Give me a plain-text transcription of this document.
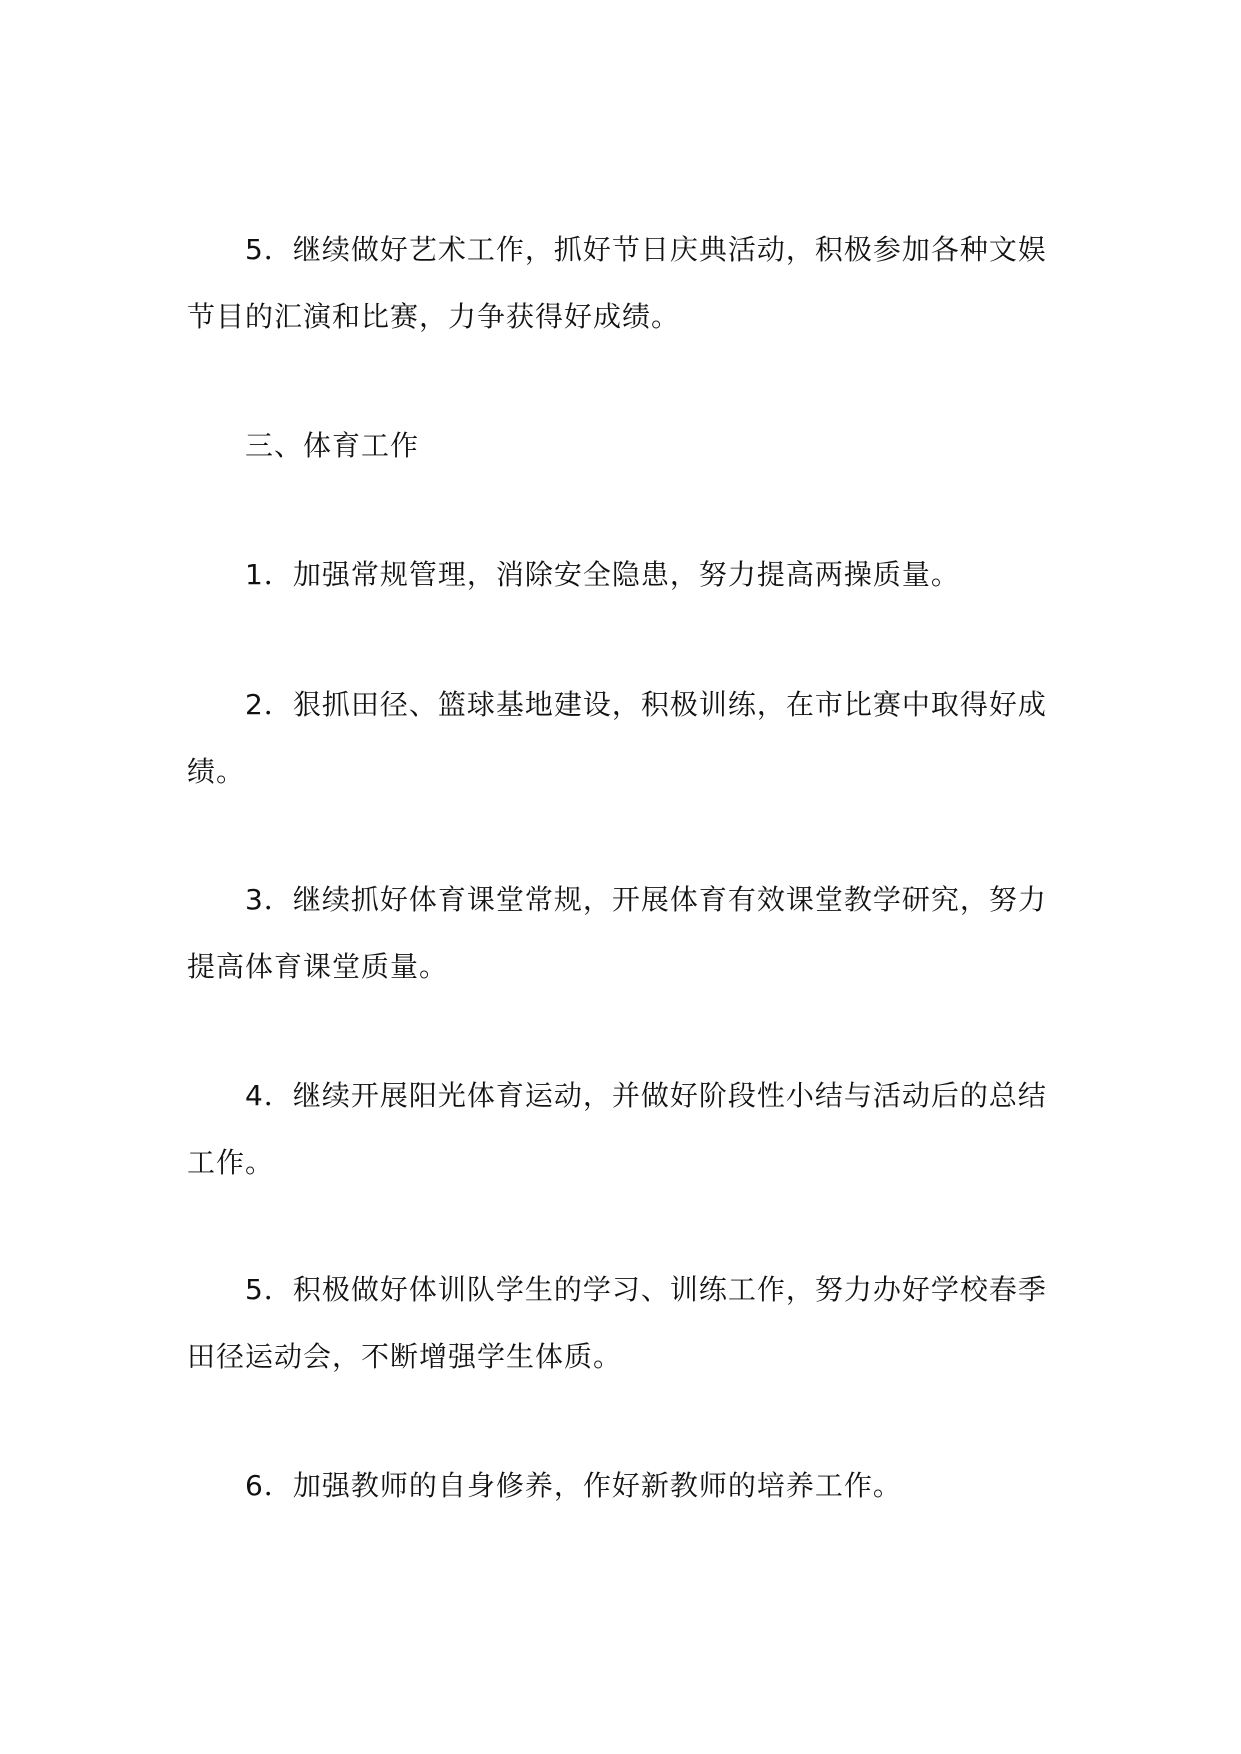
5．继续做好艺术工作，抓好节日庆典活动，积极参加各种文娱节目的汇演和比赛，力争获得好成绩。

三、体育工作

1．加强常规管理，消除安全隐患，努力提高两操质量。

2．狠抓田径、篮球基地建设，积极训练，在市比赛中取得好成绩。

3．继续抓好体育课堂常规，开展体育有效课堂教学研究，努力提高体育课堂质量。

4．继续开展阳光体育运动，并做好阶段性小结与活动后的总结工作。

5．积极做好体训队学生的学习、训练工作，努力办好学校春季田径运动会，不断增强学生体质。

6．加强教师的自身修养，作好新教师的培养工作。
